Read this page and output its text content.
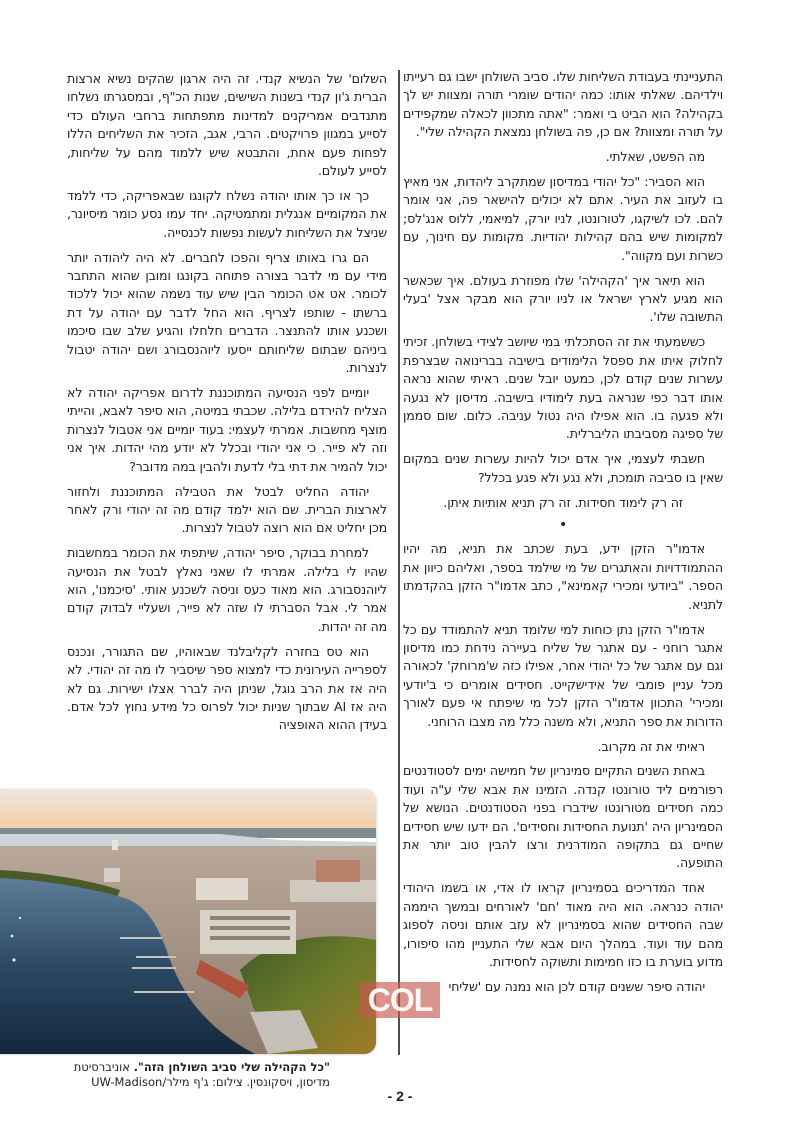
התעניינתי בעבודת השליחות שלו. סביב השולחן ישבו גם רעייתו וילדיהם. שאלתי אותו: כמה יהודים שומרי תורה ומצוות יש לך בקהילה? הוא הביט בי ואמר: "אתה מתכוון לכאלה שמקפידים על תורה ומצוות? אם כן, פה בשולחן נמצאת הקהילה שלי".

מה הפשט, שאלתי.

הוא הסביר: "כל יהודי במדיסון שמתקרב ליהדות, אני מאיץ בו לעזוב את העיר. אתם לא יכולים להישאר פה, אני אומר להם. לכו לשיקגו, לטורונטו, לניו יורק, למיאמי, ללוס אנג'לס; למקומות שיש בהם קהילות יהודיות. מקומות עם חינוך, עם כשרות ועם מקווה".

הוא תיאר איך 'הקהילה' שלו מפוזרת בעולם. איך שכאשר הוא מגיע לארץ ישראל או לניו יורק הוא מבקר אצל 'בעלי התשובה שלו'.

כששמעתי את זה הסתכלתי במי שיושב לצידי בשולחן. זכיתי לחלוק איתו את ספסל הלימודים בישיבה בברינואה שבצרפת עשרות שנים קודם לכן, כמעט יובל שנים. ראיתי שהוא נראה אותו דבר כפי שנראה בעת לימודיו בישיבה. מדיסון לא נגעה ולא פגעה בו. הוא אפילו היה נטול עניבה. כלום. שום סממן של ספיגה מסביבתו הליברלית.

חשבתי לעצמי, איך אדם יכול להיות עשרות שנים במקום שאין בו סביבה תומכת, ולא נגע ולא פגע בכלל?

זה רק לימוד חסידות. זה רק תניא אותיות איתן.

•

אדמו"ר הזקן ידע, בעת שכתב את תניא, מה יהיו ההתמודדויות והאתגרים של מי שילמד בספר, ואליהם כיוון את הספר. "ביודעי ומכירי קאמינא", כתב אדמו"ר הזקן בהקדמתו לתניא.

אדמו"ר הזקן נתן כוחות למי שלומד תניא להתמודד עם כל אתגר רוחני - עם אתגר של שליח בעיירה נידחת כמו מדיסון וגם עם אתגר של כל יהודי אחר, אפילו כזה ש'מרוחק' לכאורה מכל עניין פומבי של אידישקייט. חסידים אומרים כי ב'יודעי ומכירי' התכוון אדמו"ר הזקן לכל מי שיפתח אי פעם לאורך הדורות את ספר התניא, ולא משנה כלל מה מצבו הרוחני.

ראיתי את זה מקרוב.

באחת השנים התקיים סמינריון של חמישה ימים לסטודנטים רפורמים ליד טורונטו קנדה. הזמינו את אבא שלי ע"ה ועוד כמה חסידים מטורונטו שידברו בפני הסטודנטים. הנושא של הסמינריון היה 'תנועת החסידות וחסידים'. הם ידעו שיש חסידים שחיים גם בתקופה המודרנית ורצו להבין טוב יותר את התופעה.

אחד המדריכים בסמינריון קראו לו אדי, או בשמו היהודי יהודה כנראה. הוא היה מאוד 'חם' לאורחים ובמשך היממה שבה החסידים שהוא בסמינריון לא עזב אותם וניסה לספוג מהם עוד ועוד. במהלך היום אבא שלי התעניין מהו סיפורו, מדוע בוערת בו כזו חמימות ותשוקה לחסידות.

יהודה סיפר ששנים קודם לכן הוא נמנה עם 'שליחי

השלום' של הנשיא קנדי. זה היה ארגון שהקים נשיא ארצות הברית ג'ון קנדי בשנות השישים, שנות הכ"ף, ובמסגרתו נשלחו מתנדבים אמריקנים למדינות מתפתחות ברחבי העולם כדי לסייע במגוון פרויקטים. הרבי, אגב, הזכיר את השליחים הללו לפחות פעם אחת, והתבטא שיש ללמוד מהם על שליחות, לסייע לעולם.

כך או כך אותו יהודה נשלח לקונגו שבאפריקה, כדי ללמד את המקומיים אנגלית ומתמטיקה. יחד עמו נסע כומר מיסיונר, שניצל את השליחות לעשות נפשות לכנסייה.

הם גרו באותו צריף והפכו לחברים. לא היה ליהודה יותר מידי עם מי לדבר בצורה פתוחה בקונגו ומובן שהוא התחבר לכומר. אט אט הכומר הבין שיש עוד נשמה שהוא יכול ללכוד ברשתו - שותפו לצריף. הוא החל לדבר עם יהודה על דת ושכנע אותו להתנצר. הדברים חלחלו והגיע שלב שבו סיכמו ביניהם שבתום שליחותם ייסעו ליוהנסבורג ושם יהודה יטבול לנצרות.

יומיים לפני הנסיעה המתוכננת לדרום אפריקה יהודה לא הצליח להירדם בלילה. שכבתי במיטה, הוא סיפר לאבא, והייתי מוצף מחשבות. אמרתי לעצמי: בעוד יומיים אני אטבול לנצרות וזה לא פייר. כי אני יהודי ובכלל לא יודע מהי יהדות. איך אני יכול להמיר את דתי בלי לדעת ולהבין במה מדובר?

יהודה החליט לבטל את הטבילה המתוכננת ולחזור לארצות הברית. שם הוא ילמד קודם מה זה יהודי ורק לאחר מכן יחליט אם הוא רוצה לטבול לנצרות.

למחרת בבוקר, סיפר יהודה, שיתפתי את הכומר במחשבות שהיו לי בלילה. אמרתי לו שאני נאלץ לבטל את הנסיעה ליוהנסבורג. הוא מאוד כעס וניסה לשכנע אותי. 'סיכמנו', הוא אמר לי. אבל הסברתי לו שזה לא פייר, ושעליי לבדוק קודם מה זה יהדות.

הוא טס בחזרה לקליבלנד שבאוהיו, שם התגורר, ונכנס לספרייה העירונית כדי למצוא ספר שיסביר לו מה זה יהודי. לא היה אז את הרב גוגל, שניתן היה לברר אצלו ישירות. גם לא היה אז AI שבתוך שניות יכול לפרוס כל מידע נחוץ לכל אדם. בעידן ההוא האופציה

COL
"כל הקהילה שלי סביב השולחן הזה". אוניברסיטת מדיסון, ויסקונסין. צילום: ג'ף מילר/UW-Madison
- 2 -
